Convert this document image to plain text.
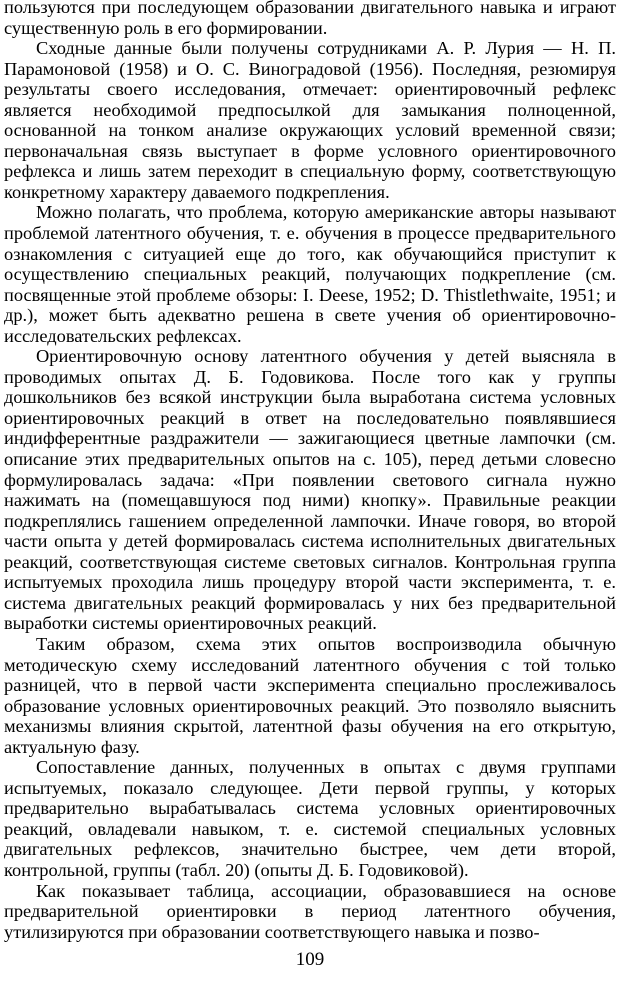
пользуются при последующем образовании двигательного навыка и играют существенную роль в его формировании.

Сходные данные были получены сотрудниками А. Р. Лурия — Н. П. Парамоновой (1958) и О. С. Виноградовой (1956). Последняя, резюмируя результаты своего исследования, отмечает: ориентировочный рефлекс является необходимой предпосылкой для замыкания полноценной, основанной на тонком анализе окружающих условий временной связи; первоначальная связь выступает в форме условного ориентировочного рефлекса и лишь затем переходит в специальную форму, соответствующую конкретному характеру даваемого подкрепления.

Можно полагать, что проблема, которую американские авторы называют проблемой латентного обучения, т. е. обучения в процессе предварительного ознакомления с ситуацией еще до того, как обучающийся приступит к осуществлению специальных реакций, получающих подкрепление (см. посвященные этой проблеме обзоры: I. Deese, 1952; D. Thistlethwaite, 1951; и др.), может быть адекватно решена в свете учения об ориентировочно-исследовательских рефлексах.

Ориентировочную основу латентного обучения у детей выясняла в проводимых опытах Д. Б. Годовикова. После того как у группы дошкольников без всякой инструкции была выработана система условных ориентировочных реакций в ответ на последовательно появлявшиеся индифферентные раздражители — зажигающиеся цветные лампочки (см. описание этих предварительных опытов на с. 105), перед детьми словесно формулировалась задача: «При появлении светового сигнала нужно нажимать на (помещавшуюся под ними) кнопку». Правильные реакции подкреплялись гашением определенной лампочки. Иначе говоря, во второй части опыта у детей формировалась система исполнительных двигательных реакций, соответствующая системе световых сигналов. Контрольная группа испытуемых проходила лишь процедуру второй части эксперимента, т. е. система двигательных реакций формировалась у них без предварительной выработки системы ориентировочных реакций.

Таким образом, схема этих опытов воспроизводила обычную методическую схему исследований латентного обучения с той только разницей, что в первой части эксперимента специально прослеживалось образование условных ориентировочных реакций. Это позволяло выяснить механизмы влияния скрытой, латентной фазы обучения на его открытую, актуальную фазу.

Сопоставление данных, полученных в опытах с двумя группами испытуемых, показало следующее. Дети первой группы, у которых предварительно вырабатывалась система условных ориентировочных реакций, овладевали навыком, т. е. системой специальных условных двигательных рефлексов, значительно быстрее, чем дети второй, контрольной, группы (табл. 20) (опыты Д. Б. Годовиковой).

Как показывает таблица, ассоциации, образовавшиеся на основе предварительной ориентировки в период латентного обучения, утилизируются при образовании соответствующего навыка и позво-

109
